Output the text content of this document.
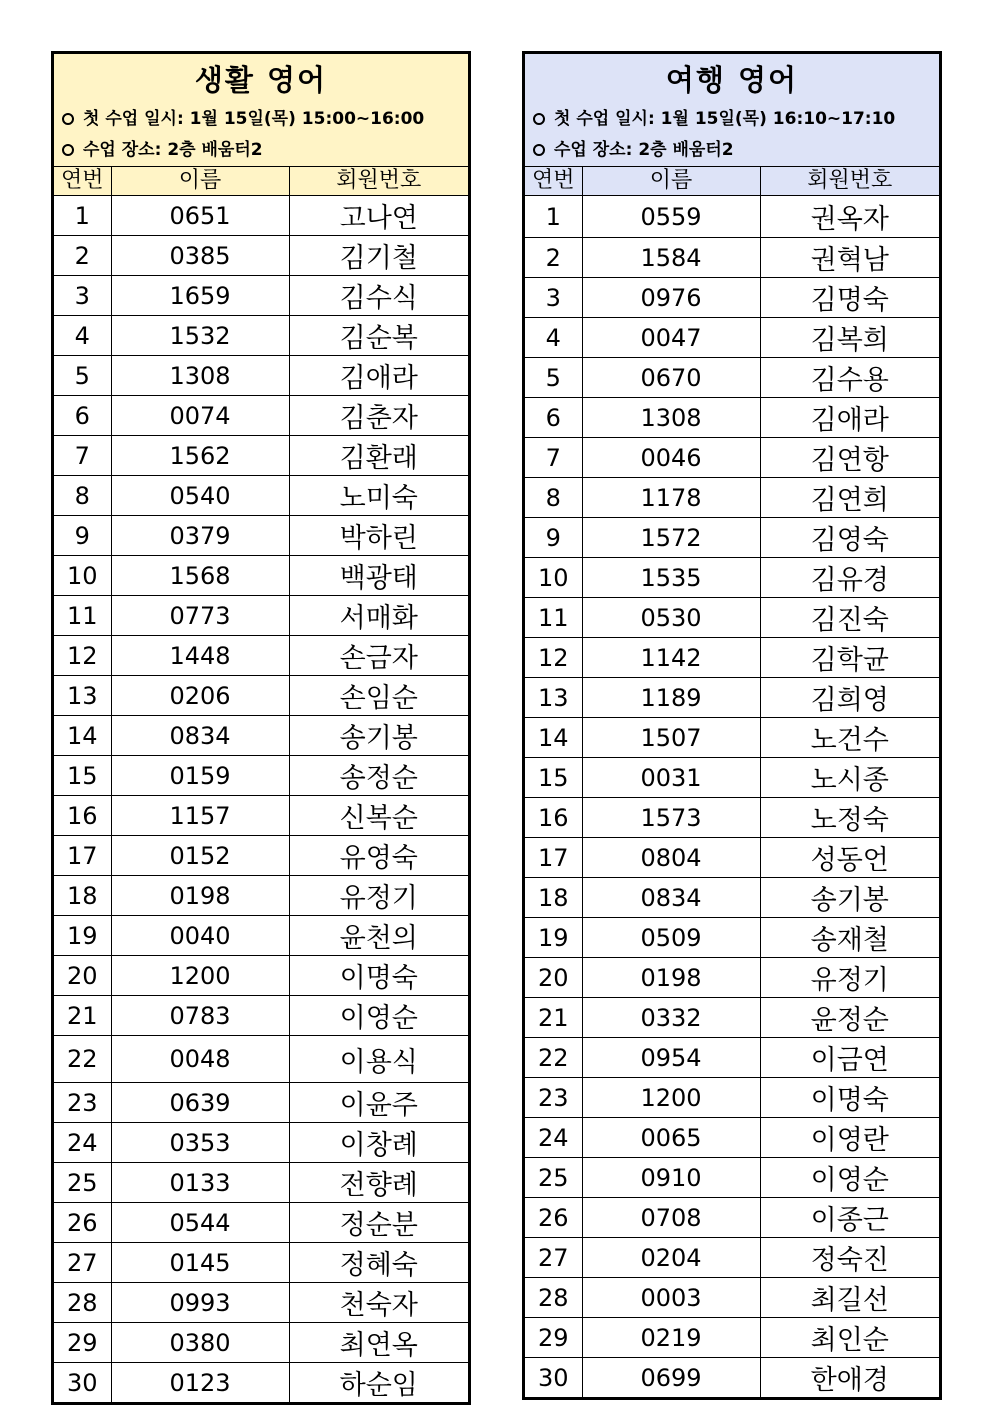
생활 영어
첫 수업 일시: 1월 15일(목) 15:00~16:00
수업 장소: 2층 배움터2
연번	이름	회원번호
1	0651	고나연
2	0385	김기철
3	1659	김수식
4	1532	김순복
5	1308	김애라
6	0074	김춘자
7	1562	김환래
8	0540	노미숙
9	0379	박하린
10	1568	백광태
11	0773	서매화
12	1448	손금자
13	0206	손임순
14	0834	송기봉
15	0159	송정순
16	1157	신복순
17	0152	유영숙
18	0198	유정기
19	0040	윤천의
20	1200	이명숙
21	0783	이영순
22	0048	이용식
23	0639	이윤주
24	0353	이창례
25	0133	전향례
26	0544	정순분
27	0145	정혜숙
28	0993	천숙자
29	0380	최연옥
30	0123	하순임
여행 영어
첫 수업 일시: 1월 15일(목) 16:10~17:10
수업 장소: 2층 배움터2
연번	이름	회원번호
1	0559	권옥자
2	1584	권혁남
3	0976	김명숙
4	0047	김복희
5	0670	김수용
6	1308	김애라
7	0046	김연항
8	1178	김연희
9	1572	김영숙
10	1535	김유경
11	0530	김진숙
12	1142	김학균
13	1189	김희영
14	1507	노건수
15	0031	노시종
16	1573	노정숙
17	0804	성동언
18	0834	송기봉
19	0509	송재철
20	0198	유정기
21	0332	윤정순
22	0954	이금연
23	1200	이명숙
24	0065	이영란
25	0910	이영순
26	0708	이종근
27	0204	정숙진
28	0003	최길선
29	0219	최인순
30	0699	한애경
